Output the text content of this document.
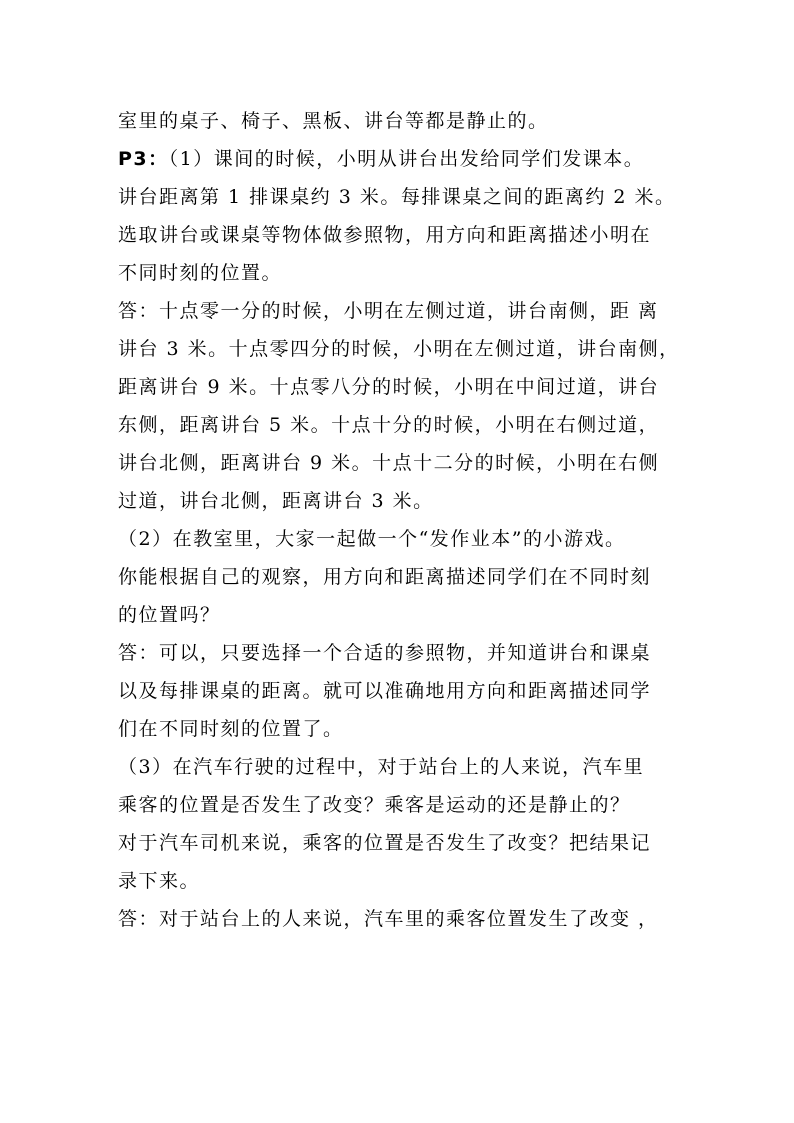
室里的桌子、椅子、黑板、讲台等都是静止的。
P3：（1）课间的时候，小明从讲台出发给同学们发课本。
讲台距离第 1 排课桌约 3 米。每排课桌之间的距离约 2 米。
选取讲台或课桌等物体做参照物，用方向和距离描述小明在
不同时刻的位置。
答：十点零一分的时候，小明在左侧过道，讲台南侧，距 离
讲台 3 米。十点零四分的时候，小明在左侧过道，讲台南侧，
距离讲台 9 米。十点零八分的时候，小明在中间过道，讲台
东侧，距离讲台 5 米。十点十分的时候，小明在右侧过道，
讲台北侧，距离讲台 9 米。十点十二分的时候，小明在右侧
过道，讲台北侧，距离讲台 3 米。
（2）在教室里，大家一起做一个“发作业本”的小游戏。
你能根据自己的观察，用方向和距离描述同学们在不同时刻
的位置吗？
答：可以，只要选择一个合适的参照物，并知道讲台和课桌
以及每排课桌的距离。就可以准确地用方向和距离描述同学
们在不同时刻的位置了。
（3）在汽车行驶的过程中，对于站台上的人来说，汽车里
乘客的位置是否发生了改变？乘客是运动的还是静止的？
对于汽车司机来说，乘客的位置是否发生了改变？把结果记
录下来。
答：对于站台上的人来说，汽车里的乘客位置发生了改变 ，
